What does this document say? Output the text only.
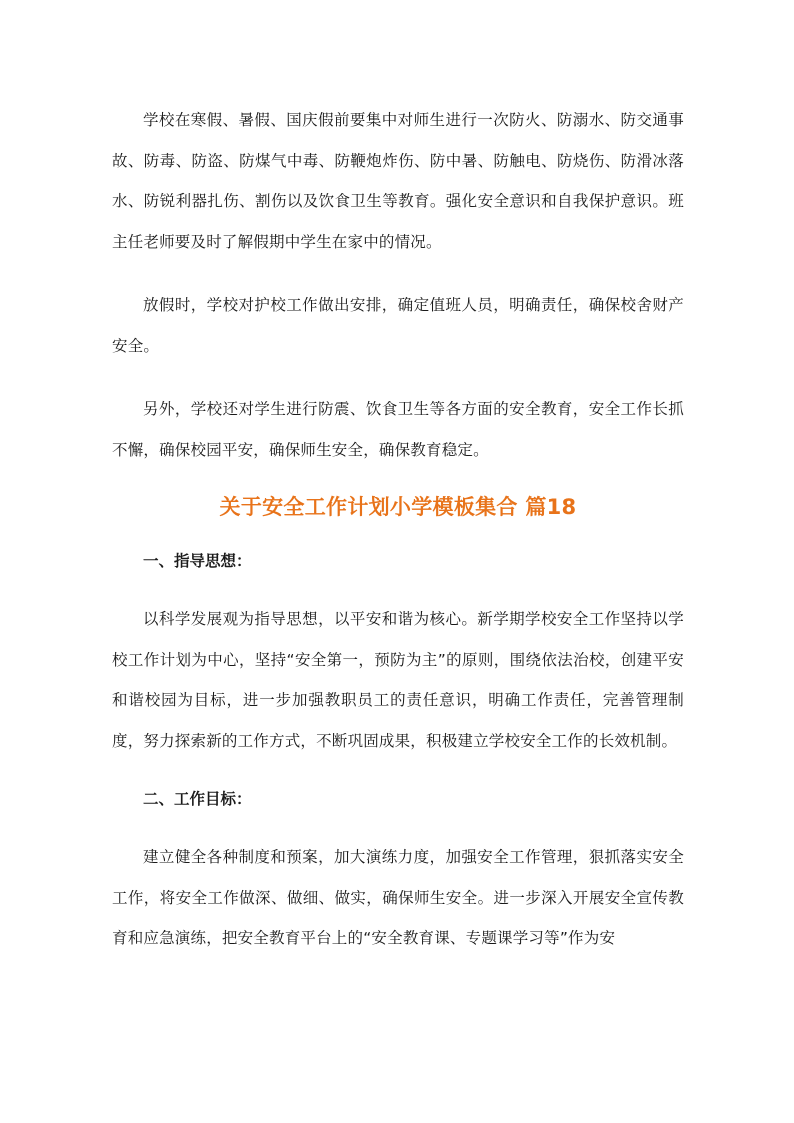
学校在寒假、暑假、国庆假前要集中对师生进行一次防火、防溺水、防交通事故、防毒、防盗、防煤气中毒、防鞭炮炸伤、防中暑、防触电、防烧伤、防滑冰落水、防锐利器扎伤、割伤以及饮食卫生等教育。强化安全意识和自我保护意识。班主任老师要及时了解假期中学生在家中的情况。

放假时，学校对护校工作做出安排，确定值班人员，明确责任，确保校舍财产安全。

另外，学校还对学生进行防震、饮食卫生等各方面的安全教育，安全工作长抓不懈，确保校园平安，确保师生安全，确保教育稳定。

关于安全工作计划小学模板集合 篇18

一、指导思想：

以科学发展观为指导思想，以平安和谐为核心。新学期学校安全工作坚持以学校工作计划为中心，坚持“安全第一，预防为主”的原则，围绕依法治校，创建平安和谐校园为目标，进一步加强教职员工的责任意识，明确工作责任，完善管理制度，努力探索新的工作方式，不断巩固成果，积极建立学校安全工作的长效机制。

二、工作目标：

建立健全各种制度和预案，加大演练力度，加强安全工作管理，狠抓落实安全工作，将安全工作做深、做细、做实，确保师生安全。进一步深入开展安全宣传教育和应急演练，把安全教育平台上的“安全教育课、专题课学习等”作为安
